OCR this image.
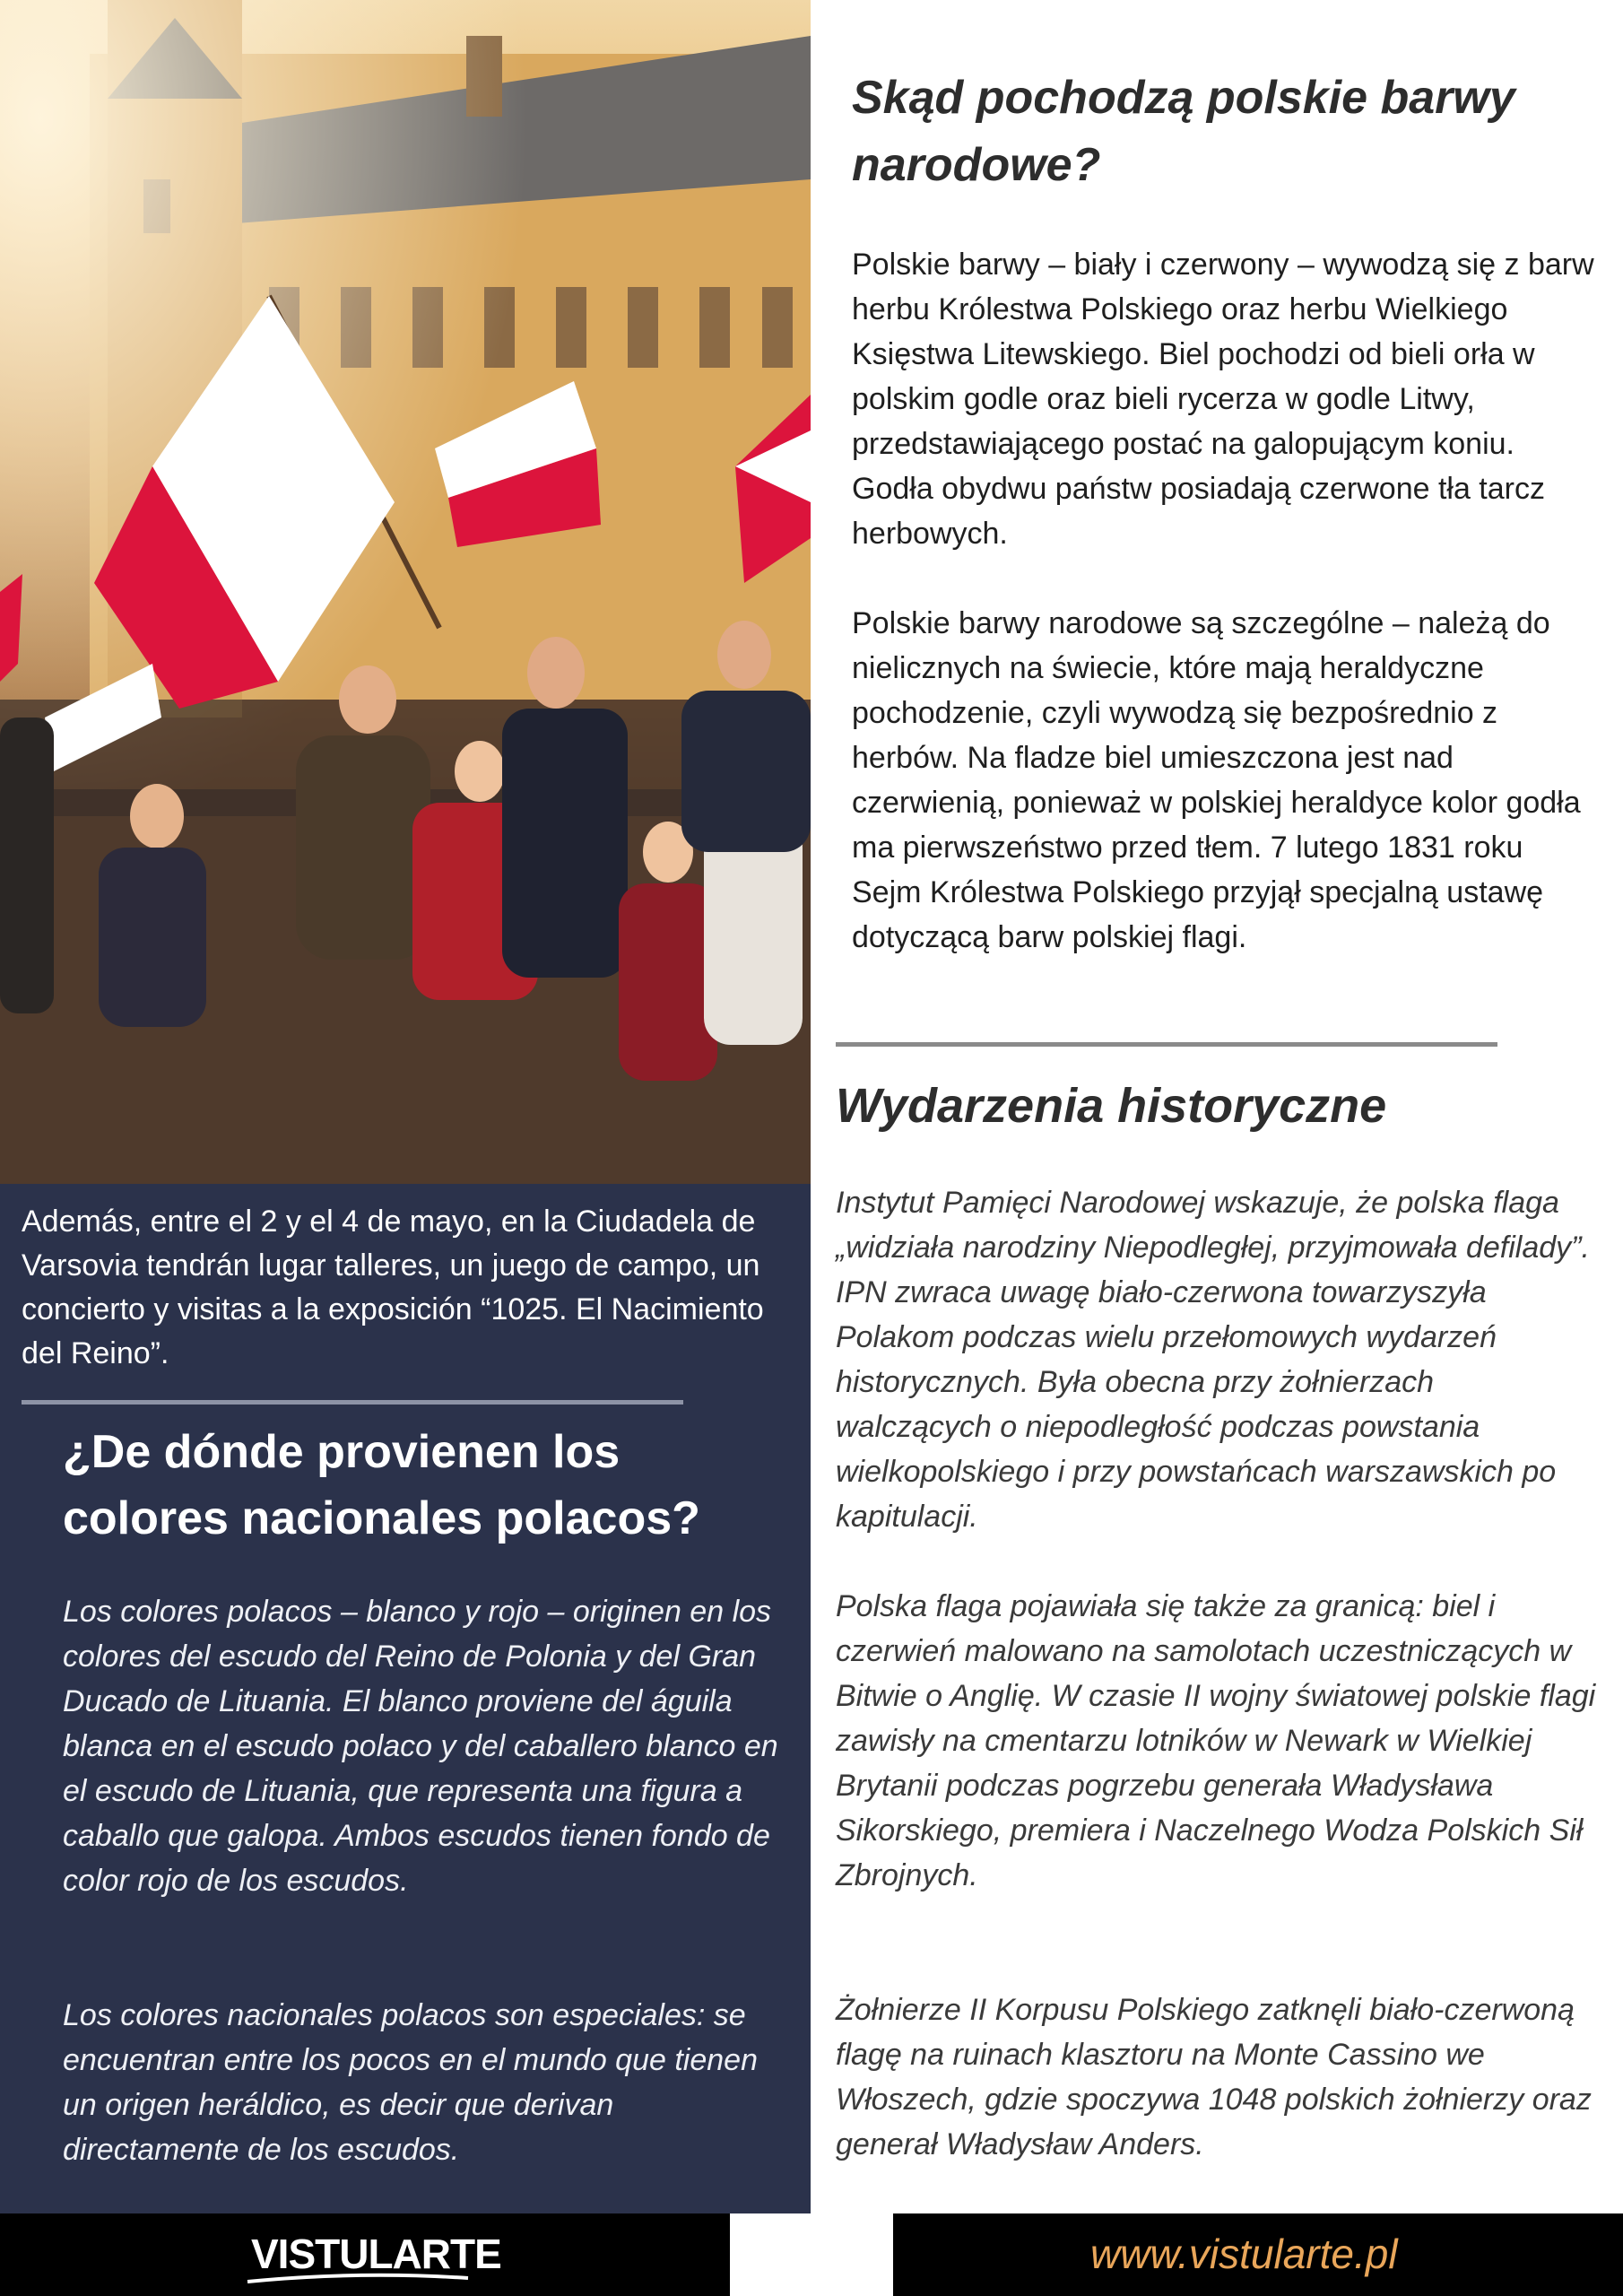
Además, entre el 2 y el 4 de mayo, en la Ciudadela de Varsovia tendrán lugar talleres, un juego de campo, un concierto y visitas a la exposición “1025. El Nacimiento del Reino”.

¿De dónde provienen los colores nacionales polacos?

Los colores polacos – blanco y rojo – originen en los colores del escudo del Reino de Polonia y del Gran Ducado de Lituania. El blanco proviene del águila blanca en el escudo polaco y del caballero blanco en el escudo de Lituania, que representa una figura a caballo que galopa. Ambos escudos tienen fondo de color rojo de los escudos.

Los colores nacionales polacos son especiales: se encuentran entre los pocos en el mundo que tienen un origen heráldico, es decir que derivan directamente de los escudos.

Skąd pochodzą polskie barwy narodowe?

Polskie barwy – biały i czerwony – wywodzą się z barw herbu Królestwa Polskiego oraz herbu Wielkiego Księstwa Litewskiego. Biel pochodzi od bieli orła w polskim godle oraz bieli rycerza w godle Litwy, przedstawiającego postać na galopującym koniu. Godła obydwu państw posiadają czerwone tła tarcz herbowych.

Polskie barwy narodowe są szczególne – należą do nielicznych na świecie, które mają heraldyczne pochodzenie, czyli wywodzą się bezpośrednio z herbów. Na fladze biel umieszczona jest nad czerwienią, ponieważ w polskiej heraldyce kolor godła ma pierwszeństwo przed tłem. 7 lutego 1831 roku Sejm Królestwa Polskiego przyjął specjalną ustawę dotyczącą barw polskiej flagi.

Wydarzenia historyczne

Instytut Pamięci Narodowej wskazuje, że polska flaga „widziała narodziny Niepodległej, przyjmowała defilady”. IPN zwraca uwagę biało-czerwona towarzyszyła Polakom podczas wielu przełomowych wydarzeń historycznych. Była obecna przy żołnierzach walczących o niepodległość podczas powstania wielkopolskiego i przy powstańcach warszawskich po kapitulacji.

Polska flaga pojawiała się także za granicą: biel i czerwień malowano na samolotach uczestniczących w Bitwie o Anglię. W czasie II wojny światowej polskie flagi zawisły na cmentarzu lotników w Newark w Wielkiej Brytanii podczas pogrzebu generała Władysława Sikorskiego, premiera i Naczelnego Wodza Polskich Sił Zbrojnych.

Żołnierze II Korpusu Polskiego zatknęli biało-czerwoną flagę na ruinach klasztoru na Monte Cassino we Włoszech, gdzie spoczywa 1048 polskich żołnierzy oraz generał Władysław Anders.

VISTULARTE	www.vistularte.pl
